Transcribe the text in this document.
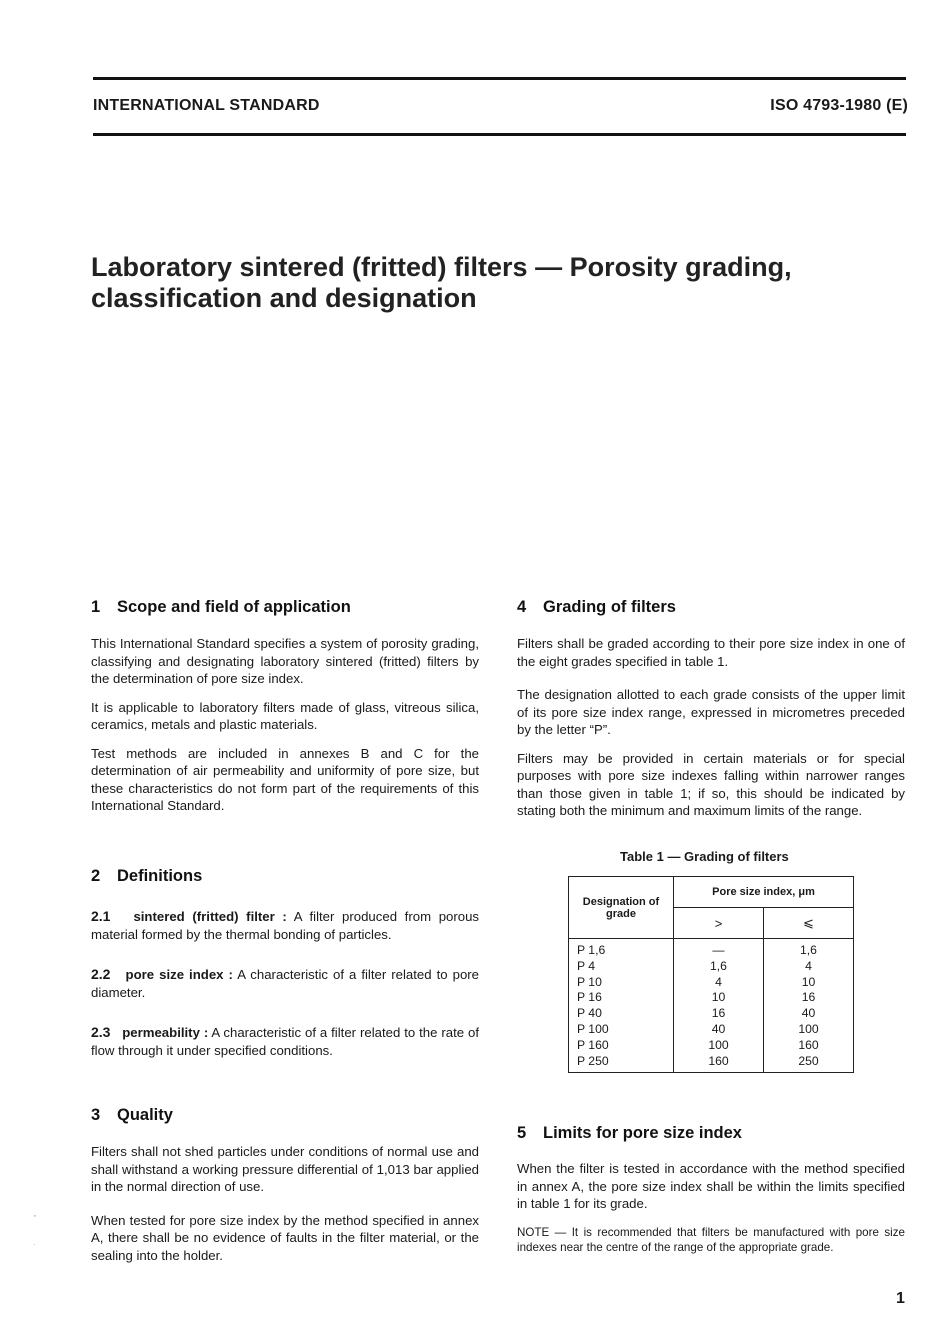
INTERNATIONAL STANDARD	ISO 4793-1980 (E)
Laboratory sintered (fritted) filters — Porosity grading,
classification and designation
1 Scope and field of application

This International Standard specifies a system of porosity grading, classifying and designating laboratory sintered (fritted) filters by the determination of pore size index.

It is applicable to laboratory filters made of glass, vitreous silica, ceramics, metals and plastic materials.

Test methods are included in annexes B and C for the determination of air permeability and uniformity of pore size, but these characteristics do not form part of the requirements of this International Standard.

2 Definitions

2.1 sintered (fritted) filter : A filter produced from porous material formed by the thermal bonding of particles.

2.2 pore size index : A characteristic of a filter related to pore diameter.

2.3 permeability : A characteristic of a filter related to the rate of flow through it under specified conditions.

3 Quality

Filters shall not shed particles under conditions of normal use and shall withstand a working pressure differential of 1,013 bar applied in the normal direction of use.

When tested for pore size index by the method specified in annex A, there shall be no evidence of faults in the filter material, or the sealing into the holder.

4 Grading of filters

Filters shall be graded according to their pore size index in one of the eight grades specified in table 1.

The designation allotted to each grade consists of the upper limit of its pore size index range, expressed in micrometres preceded by the letter “P”.

Filters may be provided in certain materials or for special purposes with pore size indexes falling within narrower ranges than those given in table 1; if so, this should be indicated by stating both the minimum and maximum limits of the range.

Table 1 — Grading of filters
Designation of grade	Pore size index, μm	
	>	⩽
P 1,6	—	1,6
P 4	1,6	4
P 10	4	10
P 16	10	16
P 40	16	40
P 100	40	100
P 160	100	160
P 250	160	250
5 Limits for pore size index

When the filter is tested in accordance with the method specified in annex A, the pore size index shall be within the limits specified in table 1 for its grade.

NOTE — It is recommended that filters be manufactured with pore size indexes near the centre of the range of the appropriate grade.

·
·
1
